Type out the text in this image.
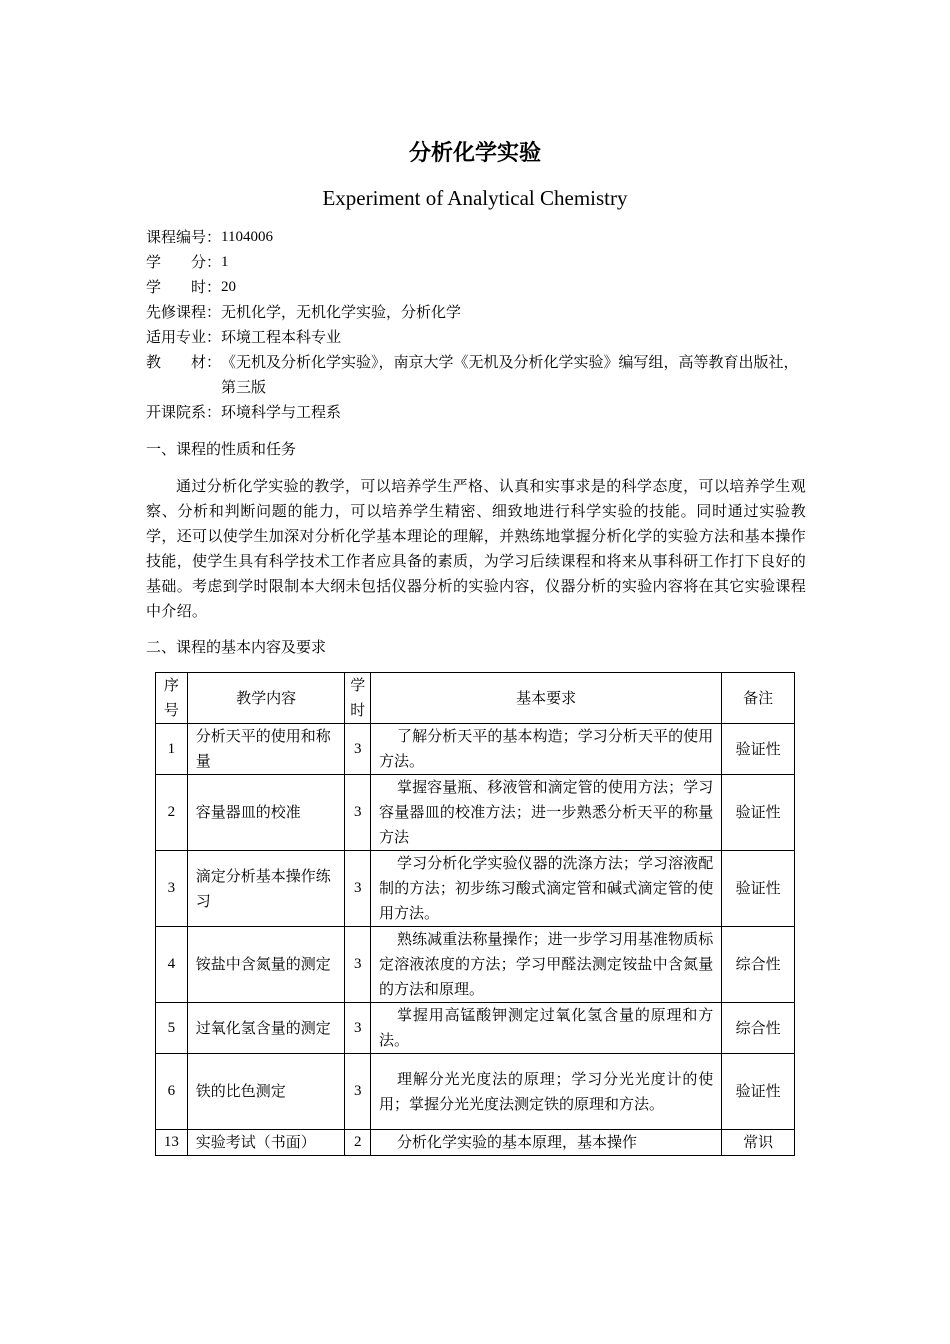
分析化学实验
Experiment of Analytical Chemistry
课程编号： 1104006
学　　分： 1
学　　时： 20
先修课程： 无机化学，无机化学实验，分析化学
适用专业： 环境工程本科专业
教　　材： 《无机及分析化学实验》，南京大学《无机及分析化学实验》编写组，高等教育出版社，第三版
开课院系： 环境科学与工程系
一、课程的性质和任务
通过分析化学实验的教学，可以培养学生严格、认真和实事求是的科学态度，可以培养学生观察、分析和判断问题的能力，可以培养学生精密、细致地进行科学实验的技能。同时通过实验教学，还可以使学生加深对分析化学基本理论的理解，并熟练地掌握分析化学的实验方法和基本操作技能，使学生具有科学技术工作者应具备的素质，为学习后续课程和将来从事科研工作打下良好的基础。考虑到学时限制本大纲未包括仪器分析的实验内容，仪器分析的实验内容将在其它实验课程中介绍。
二、课程的基本内容及要求
序号	教学内容	学时	基本要求	备注
1	分析天平的使用和称量	3	了解分析天平的基本构造；学习分析天平的使用方法。	验证性
2	容量器皿的校准	3	掌握容量瓶、移液管和滴定管的使用方法；学习容量器皿的校准方法；进一步熟悉分析天平的称量方法	验证性
3	滴定分析基本操作练习	3	学习分析化学实验仪器的洗涤方法；学习溶液配制的方法；初步练习酸式滴定管和碱式滴定管的使用方法。	验证性
4	铵盐中含氮量的测定	3	熟练减重法称量操作；进一步学习用基准物质标定溶液浓度的方法；学习甲醛法测定铵盐中含氮量的方法和原理。	综合性
5	过氧化氢含量的测定	3	掌握用高锰酸钾测定过氧化氢含量的原理和方法。	综合性
6	铁的比色测定	3	理解分光光度法的原理；学习分光光度计的使用；掌握分光光度法测定铁的原理和方法。	验证性
13	实验考试（书面）	2	分析化学实验的基本原理，基本操作	常识
